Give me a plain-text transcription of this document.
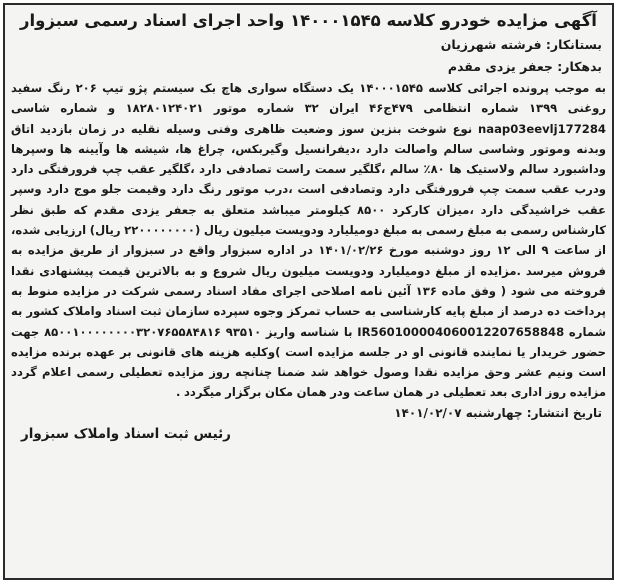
آگهی مزایده خودرو کلاسه ۱۴۰۰۰۱۵۴۵ واحد اجرای اسناد رسمی سبزوار
بستانکار: فرشته شهرزیان
بدهکار: جعفر یزدی مقدم

به موجب پرونده اجرائی کلاسه ۱۴۰۰۰۱۵۴۵ یک دستگاه سواری هاچ بک سیستم پژو تیپ ۲۰۶ رنگ سفید روغنی ۱۳۹۹ شماره انتظامی ۴۷۹ج۴۶ ایران ۳۲ شماره موتور ۱۸۲۸۰۱۲۴۰۲۱ و شماره شاسی naap03eevlj177284 نوع شوخت بنزین سوز وضعیت ظاهری وفنی وسیله نقلیه در زمان بازدید اتاق وبدنه وموتور وشاسی سالم واصالت دارد ،دیفرانسیل وگیربکس، چراغ ها، شیشه ها وآیینه ها وسپرها وداشبورد سالم ولاستیک ها ۸۰٪ سالم ،گلگیر سمت راست تصادفی دارد ،گلگیر عقب چپ فرورفتگی دارد ودرب عقب سمت چپ فرورفتگی دارد وتصادفی است ،درب موتور رنگ دارد وقیمت جلو موج دارد وسپر عقب خراشیدگی دارد ،میزان کارکرد ۸۵۰۰ کیلومتر میباشد متعلق به جعفر یزدی مقدم که طبق نظر کارشناس رسمی به مبلغ رسمی به مبلغ دومیلیارد ودویست میلیون ریال (۲۲۰۰۰۰۰۰۰۰ ریال) ارزیابی شده، از ساعت ۹ الی ۱۲ روز دوشنبه مورخ ۱۴۰۱/۰۲/۲۶ در اداره سبزوار واقع در سبزوار از طریق مزایده به فروش میرسد .مزایده از مبلغ دومیلیارد ودویست میلیون ریال شروع و به بالاترین قیمت پیشنهادی نقدا فروخته می شود ( وفق ماده ۱۳۶ آئین نامه اصلاحی اجرای مفاد اسناد رسمی شرکت در مزایده منوط به پرداخت ده درصد از مبلغ پایه کارشناسی به حساب تمرکز وجوه سپرده سازمان ثبت اسناد واملاک کشور به شماره IR560100004060012207658848 با شناسه واریز ۹۳۵۱۰ ۸۵۰۰۱۰۰۰۰۰۰۰۰۳۲۰۷۶۵۵۸۴۸۱۶ جهت حضور خریدار یا نماینده قانونی او در جلسه مزایده است )وکلیه هزینه های قانونی بر عهده برنده مزایده است ونیم عشر وحق مزایده نقدا وصول خواهد شد ضمنا چنانچه روز مزایده تعطیلی رسمی اعلام گردد مزایده روز اداری بعد تعطیلی در همان ساعت ودر همان مکان برگزار میگردد .

تاریخ انتشار: چهارشنبه ۱۴۰۱/۰۲/۰۷
رئیس ثبت اسناد واملاک سبزوار
